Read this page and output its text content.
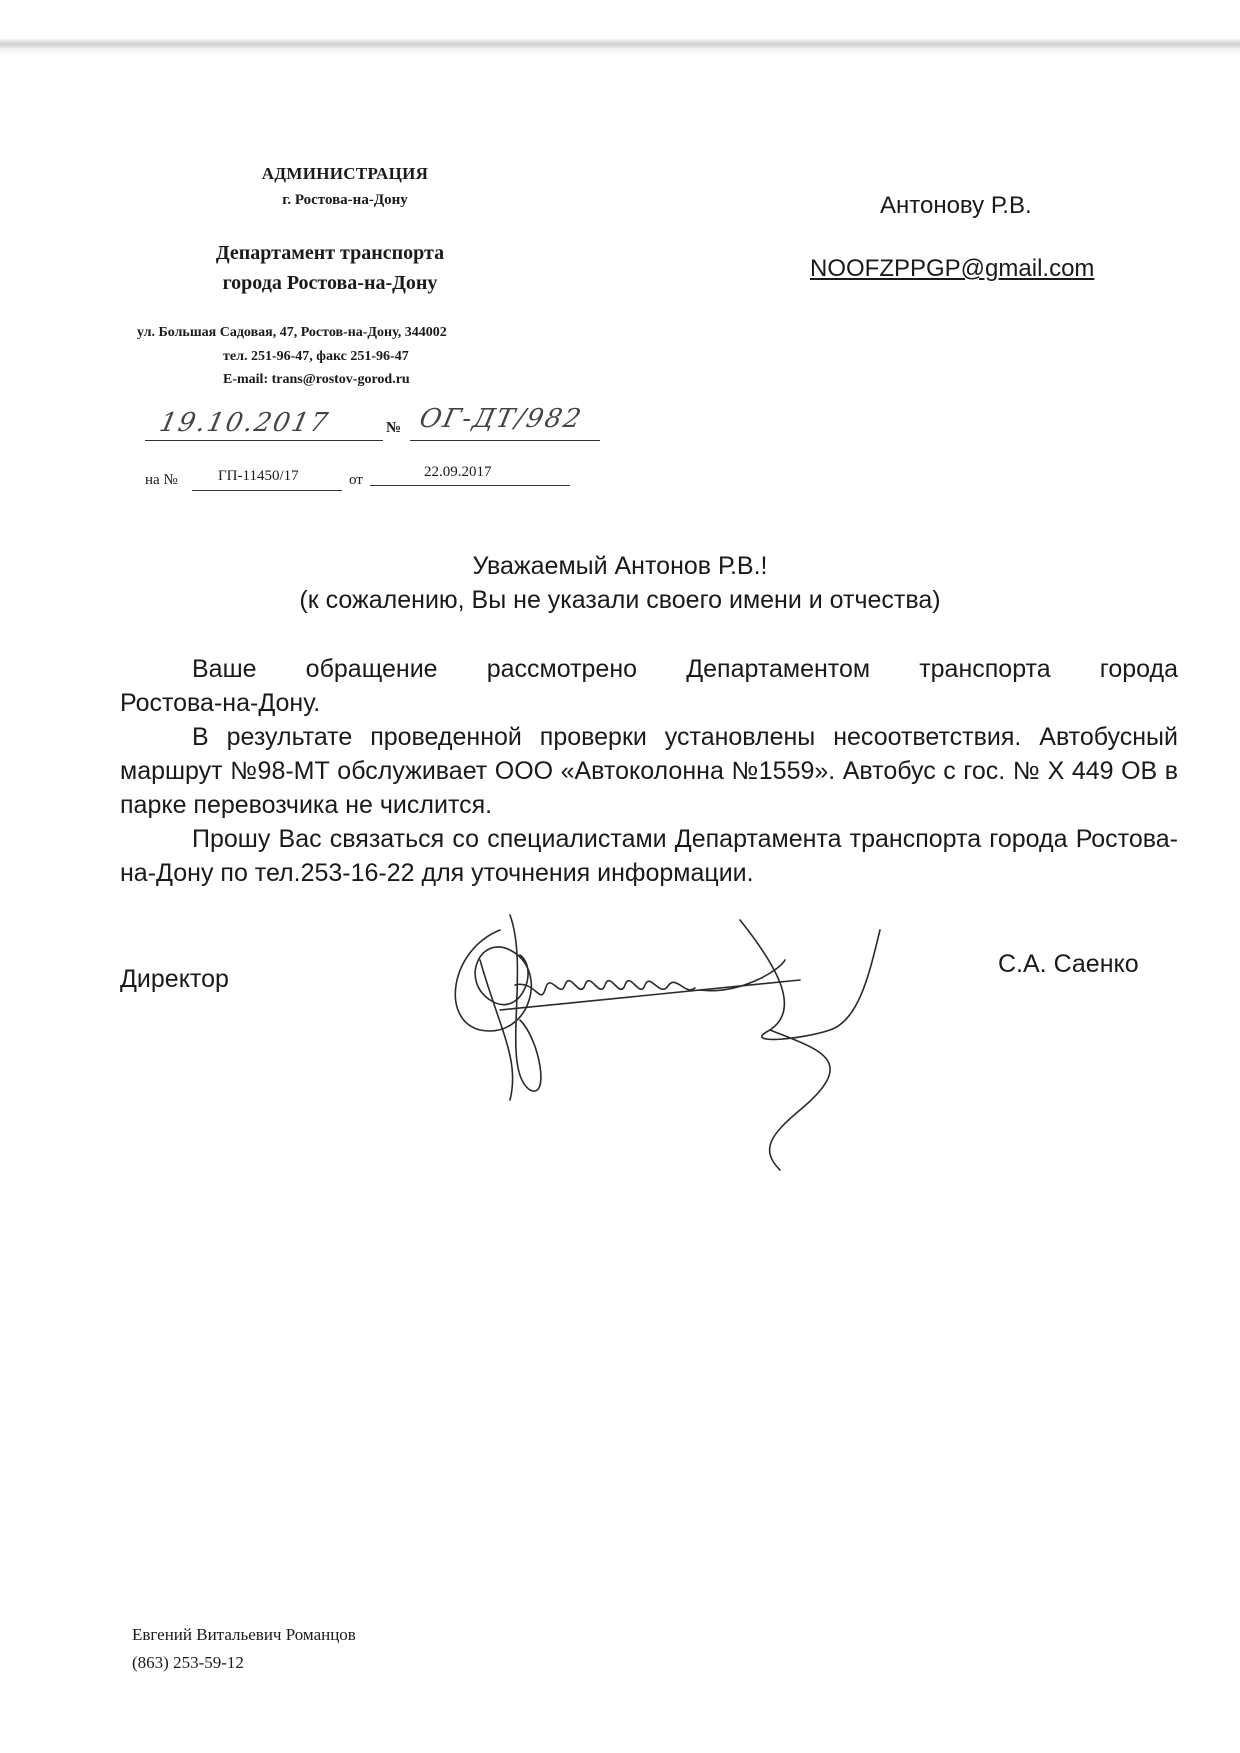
АДМИНИСТРАЦИЯ
г. Ростова-на-Дону
Департамент транспорта
города Ростова-на-Дону
ул. Большая Садовая, 47, Ростов-на-Дону, 344002
тел. 251-96-47, факс 251-96-47
E-mail: trans@rostov-gorod.ru
19.10.2017	№ ОГ-ДТ/982
на №	ГП-11450/17	от	22.09.2017
Антонову Р.В.
NOOFZPPGP@gmail.com
Уважаемый Антонов Р.В.!
(к сожалению, Вы не указали своего имени и отчества)

Ваше обращение рассмотрено Департаментом транспорта города Ростова-на-Дону.

В результате проведенной проверки установлены несоответствия. Автобусный маршрут №98-МТ обслуживает ООО «Автоколонна №1559». Автобус с гос. № Х 449 ОВ в парке перевозчика не числится.

Прошу Вас связаться со специалистами Департамента транспорта города Ростова-на-Дону по тел.253-16-22 для уточнения информации.

Директор
С.А. Саенко
Евгений Витальевич Романцов
(863) 253-59-12
